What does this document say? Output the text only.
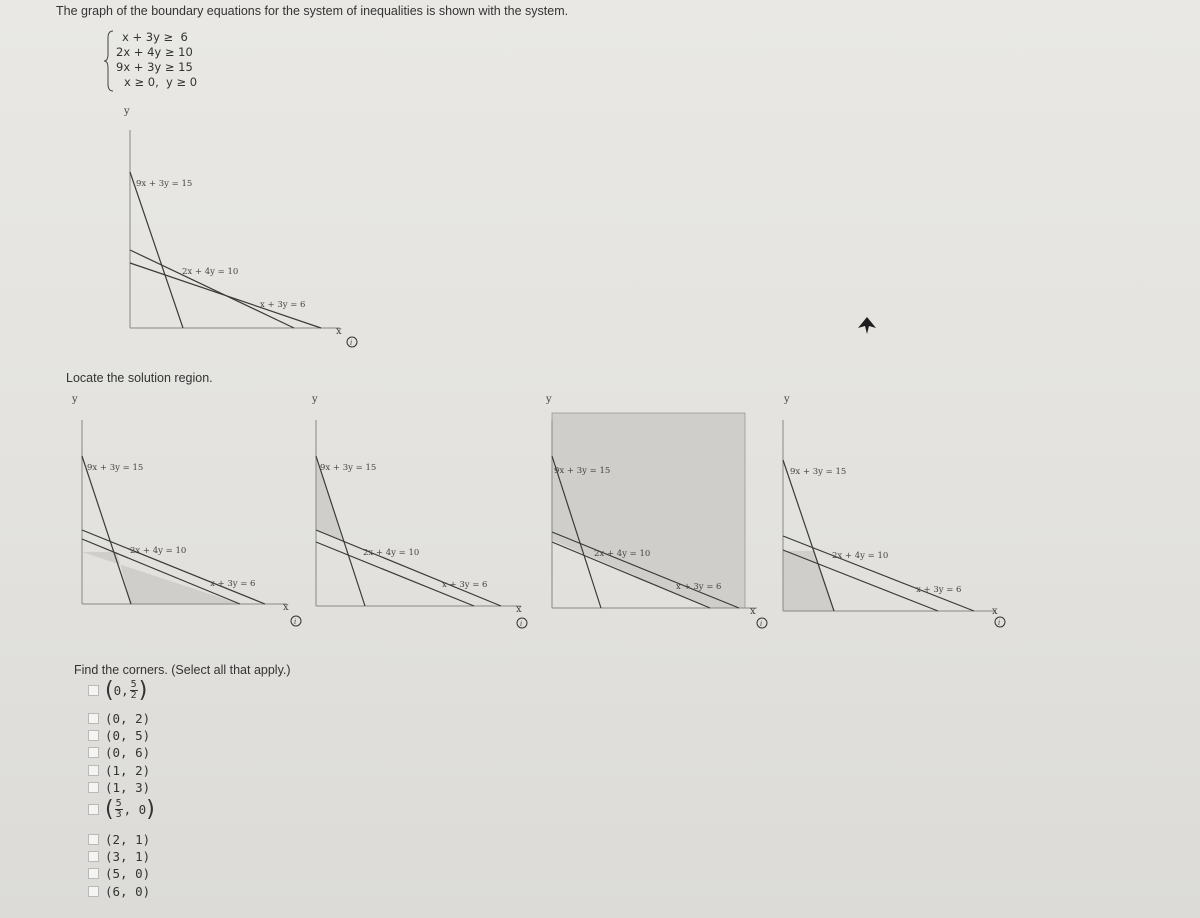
The graph of the boundary equations for the system of inequalities is shown with the system.
x + 3y ≥  6
2x + 4y ≥ 10
9x + 3y ≥ 15
x ≥ 0,  y ≥ 0
y
x
9x + 3y = 15
2x + 4y = 10
x + 3y = 6
i
Locate the solution region.
y
x
9x + 3y = 15
2x + 4y = 10
x + 3y = 6
i
y
x
9x + 3y = 15
2x + 4y = 10
x + 3y = 6
i
y
x
9x + 3y = 15
2x + 4y = 10
x + 3y = 6
i
y
x
9x + 3y = 15
2x + 4y = 10
x + 3y = 6
i
Find the corners. (Select all that apply.)
( 0, $\frac{5}{2}$ )
(0, 2)
(0, 5)
(0, 6)
(1, 2)
(1, 3)
( $\frac{5}{3}$ , 0 )
(2, 1)
(3, 1)
(5, 0)
(6, 0)
